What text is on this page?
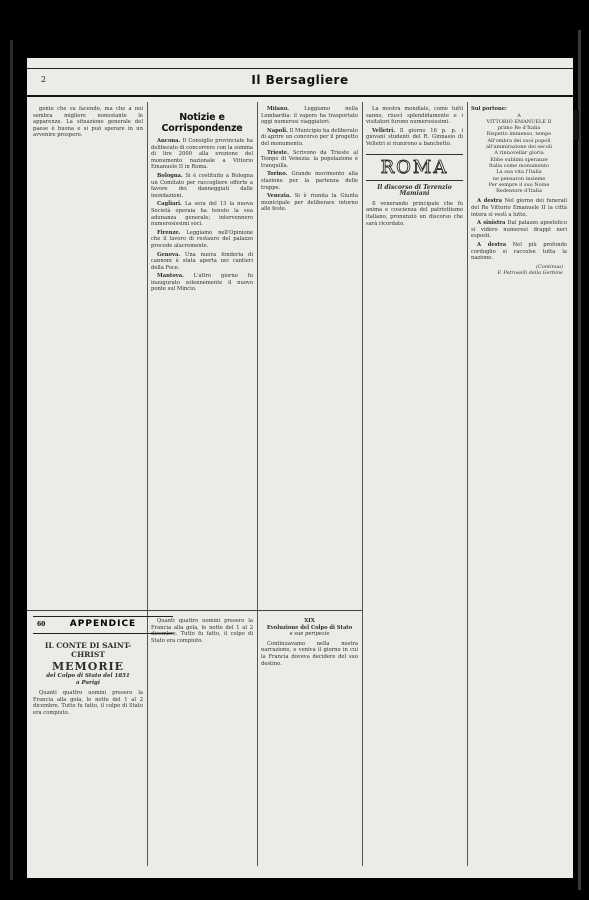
2	Il Bersagliere

gente che va facendo, ma che a noi sembra migliore nonostante le apparenze. La situazione generale del paese è buona e si può sperare in un avvenire prospero.

60	APPENDICE
IL CONTE DI SAINT-CHRIST
MEMORIE
del Colpo di Stato del 1851
a Parigi

Quanti quattro uomini presero la Francia alla gola, le notte del 1 al 2 dicembre. Tutto fu fatto, il colpo di Stato era compiuto.

Notizie e Corrispondenze

Ancona. Il Consiglio provinciale ha deliberato di concorrere con la somma di lire 2000 alla erezione del monumento nazionale a Vittorio Emanuele II in Roma.

Bologna. Si è costituito a Bologna un Comitato per raccogliere offerte a favore dei danneggiati dalle inondazioni.

Cagliari. La sera del 13 la nuova Società operaia ha tenuto la sua adunanza generale; intervennero numerosissimi soci.

Firenze. Leggiamo nell'Opinione che il lavoro di restauro del palazzo procede alacremente.

Genova. Una nuova fonderia di cannoni è stata aperta nei cantieri della Foce.

Mantova. L'altro giorno fu inaugurato solennemente il nuovo ponte sul Mincio.

Milano.	Leggiamo nella Lombardia: il vapore ha trasportato oggi numerosi viaggiatori.

Napoli. Il Municipio ha deliberato di aprire un concorso per il progetto del monumento.

Trieste. Scrivono da Trieste al Tempo di Venezia: la popolazione è tranquilla.

Torino. Grande movimento alla stazione per la partenza delle truppe.

Venezia. Si è riunita la Giunta municipale per deliberare intorno alle feste.

Quanti quattro uomini presero la Francia alla gola, le notte del 1 al 2 dicembre. Tutto fu fatto, il colpo di Stato era compiuto.

XIX
Evoluzione del Colpo di Stato
e sue peripezie

Continuavamo nella nostra narrazione, e veniva il giorno in cui la Francia doveva decidere del suo destino.

La mostra mondiale, come tutti sanno, riuscì splendidamente e i visitatori furono numerosissimi.

Velletri. Il giorno 16 p. p. i giovani studenti del R. Ginnasio di Velletri si riunirono a banchetto.

ROMA
Il discorso di Terenzio Mamiani

Il venerando principale che fu anima e coscienza del patriottismo italiano, pronunziò un discorso che sarà ricordato.

Sul portone:
A
VITTORIO EMANUELE II
primo Re d'Italia
Rispetto immenso, tempo
All'ombra dei suoi popoli
all'ammirazione dei secoli
A rinnovellar gloria
Ebbe sublimi speranze
Italia come monumento
La sua vita l'Italia
ne pensaron insieme
Per sempre il suo Nome
Redentore d'Italia

A destra Nel giorno dei funerali del Re Vittorio Emanuele II la città intera si vestì a lutto.

A sinistra Dal palazzo apostolico si videro numerosi drappi neri esposti.

A destra Nel più profondo cordoglio si raccolse tutta la nazione.

(Continua)
F. Petroselli della Gerbine
